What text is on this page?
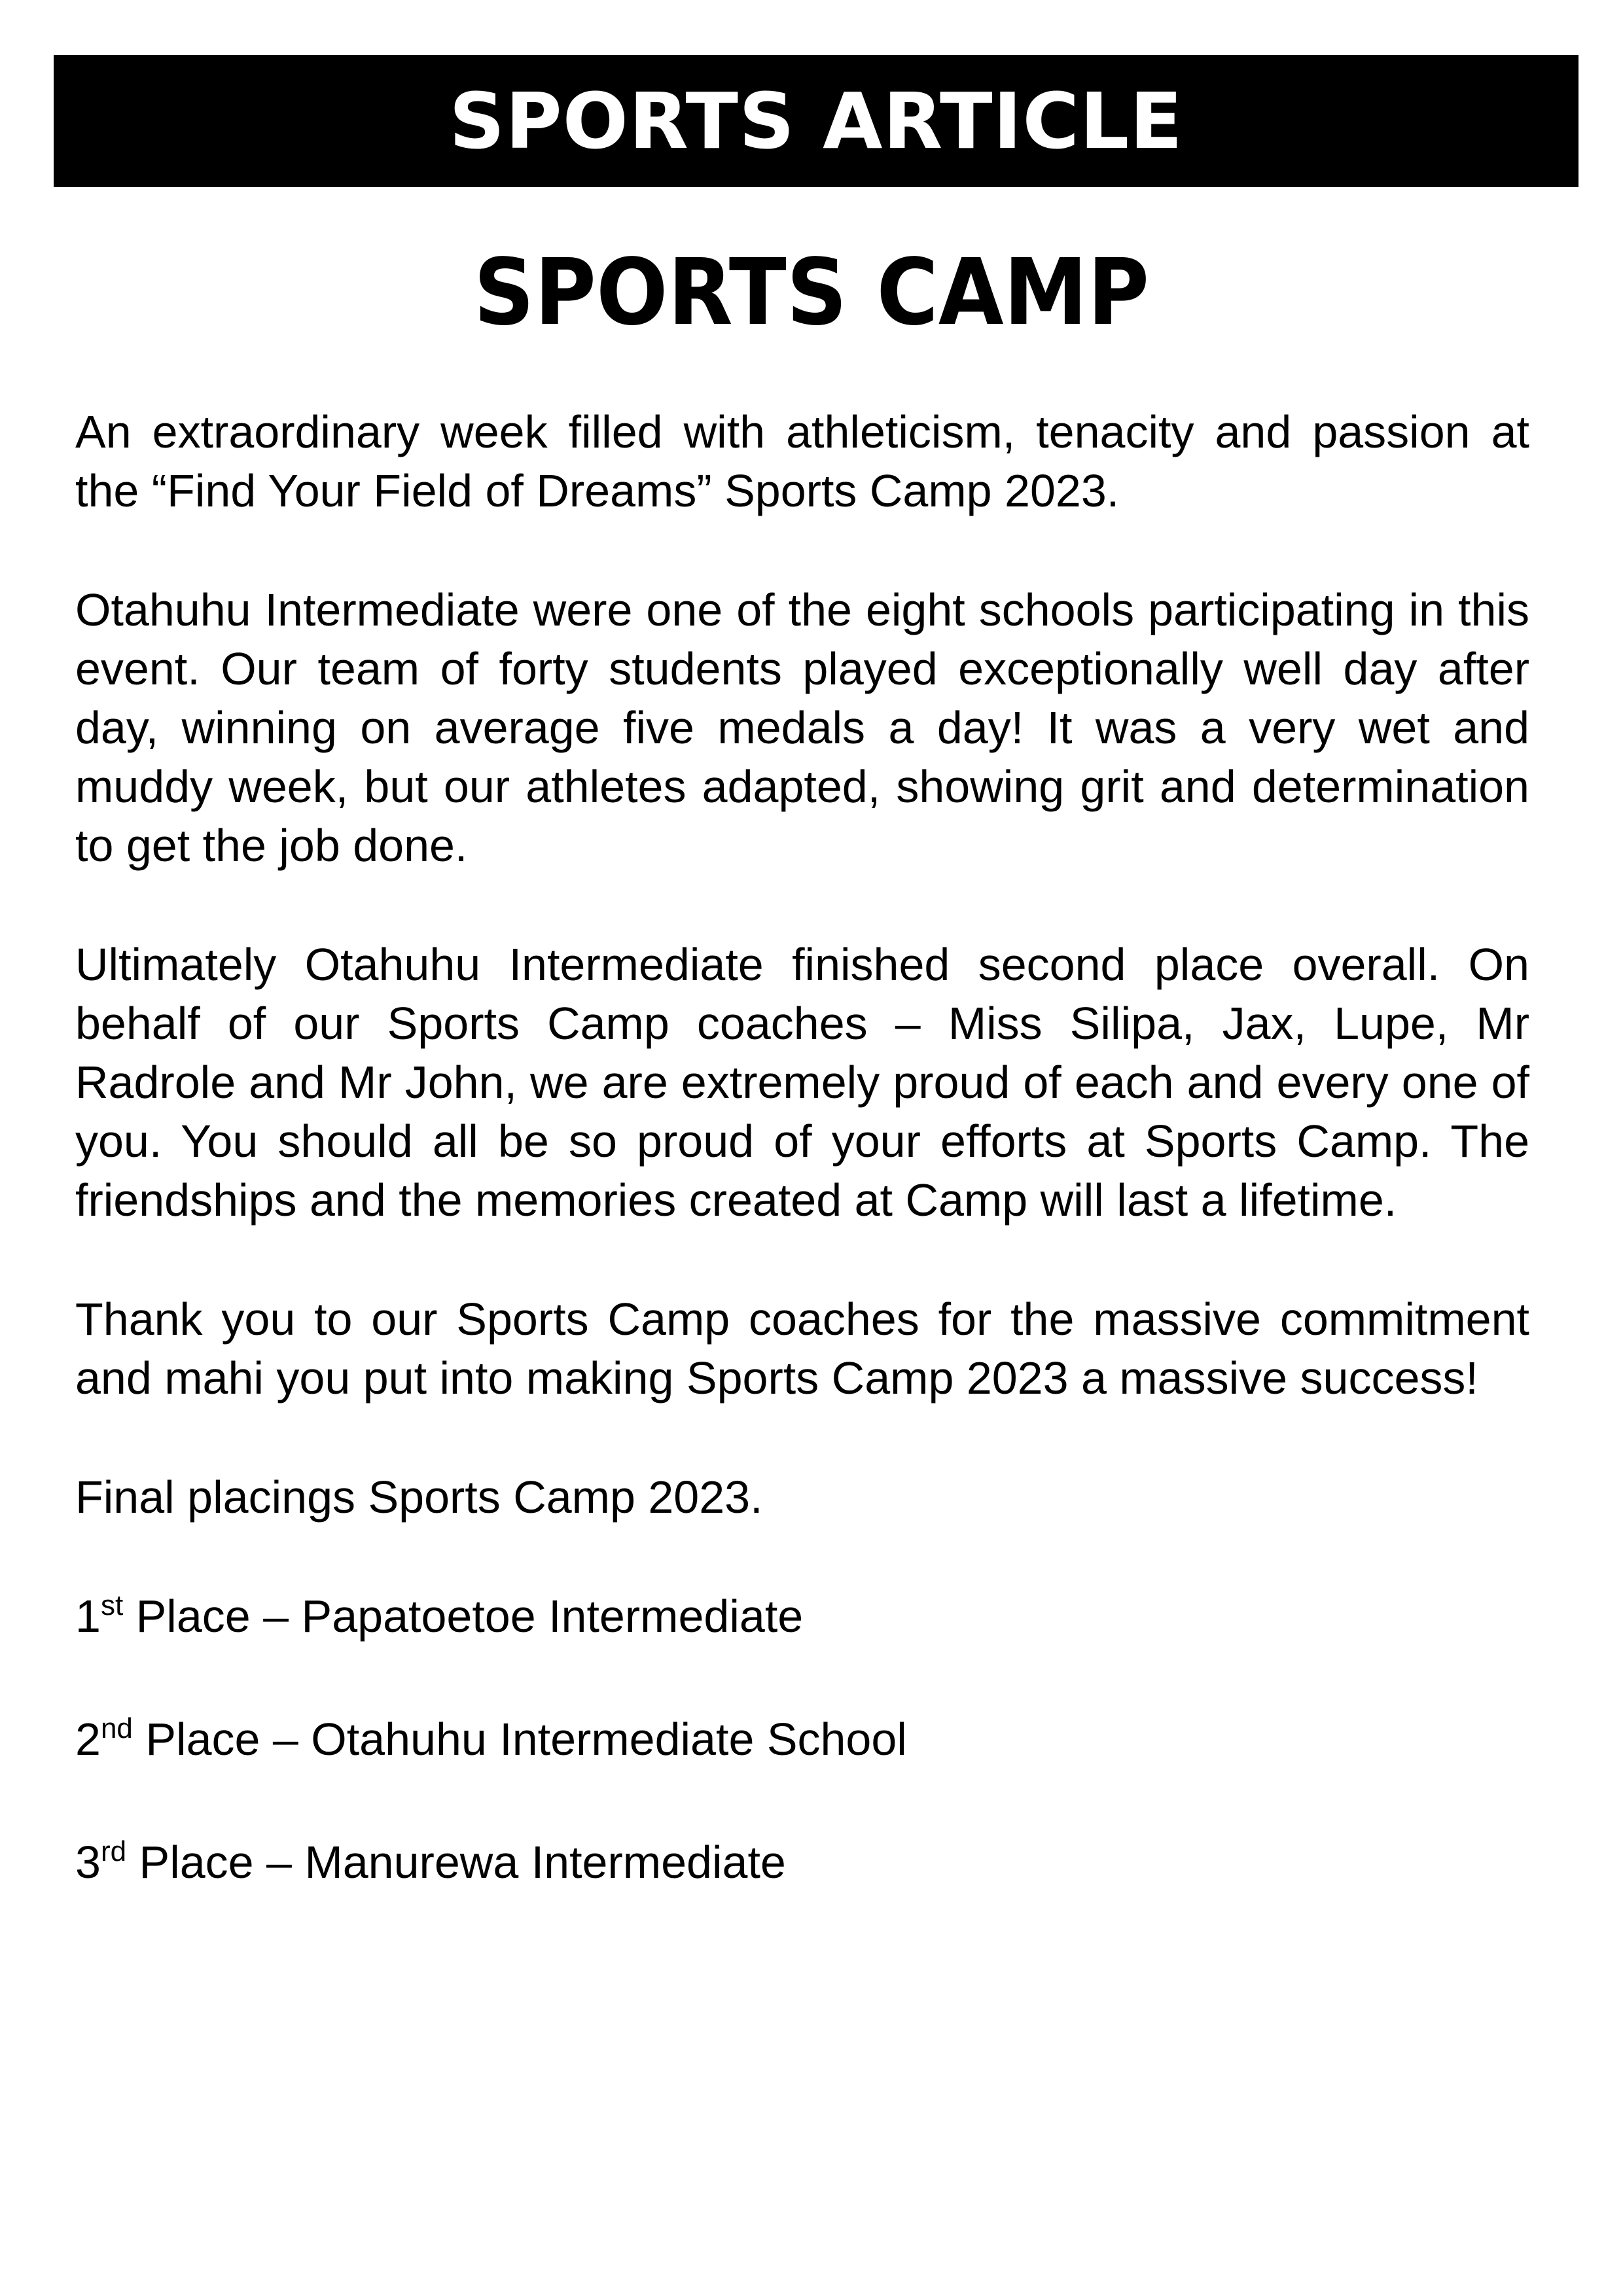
SPORTS ARTICLE
SPORTS CAMP

An extraordinary week filled with athleticism, tenacity and passion at the “Find Your Field of Dreams” Sports Camp 2023.

Otahuhu Intermediate were one of the eight schools participating in this event. Our team of forty students played exceptionally well day after day, winning on average five medals a day! It was a very wet and muddy week, but our athletes adapted, showing grit and determination to get the job done.

Ultimately Otahuhu Intermediate finished second place overall. On behalf of our Sports Camp coaches – Miss Silipa, Jax, Lupe, Mr Radrole and Mr John, we are extremely proud of each and every one of you. You should all be so proud of your efforts at Sports Camp. The friendships and the memories created at Camp will last a lifetime.

Thank you to our Sports Camp coaches for the massive commitment and mahi you put into making Sports Camp 2023 a massive success!

Final placings Sports Camp 2023.

1st Place – Papatoetoe Intermediate

2nd Place – Otahuhu Intermediate School

3rd Place – Manurewa Intermediate
